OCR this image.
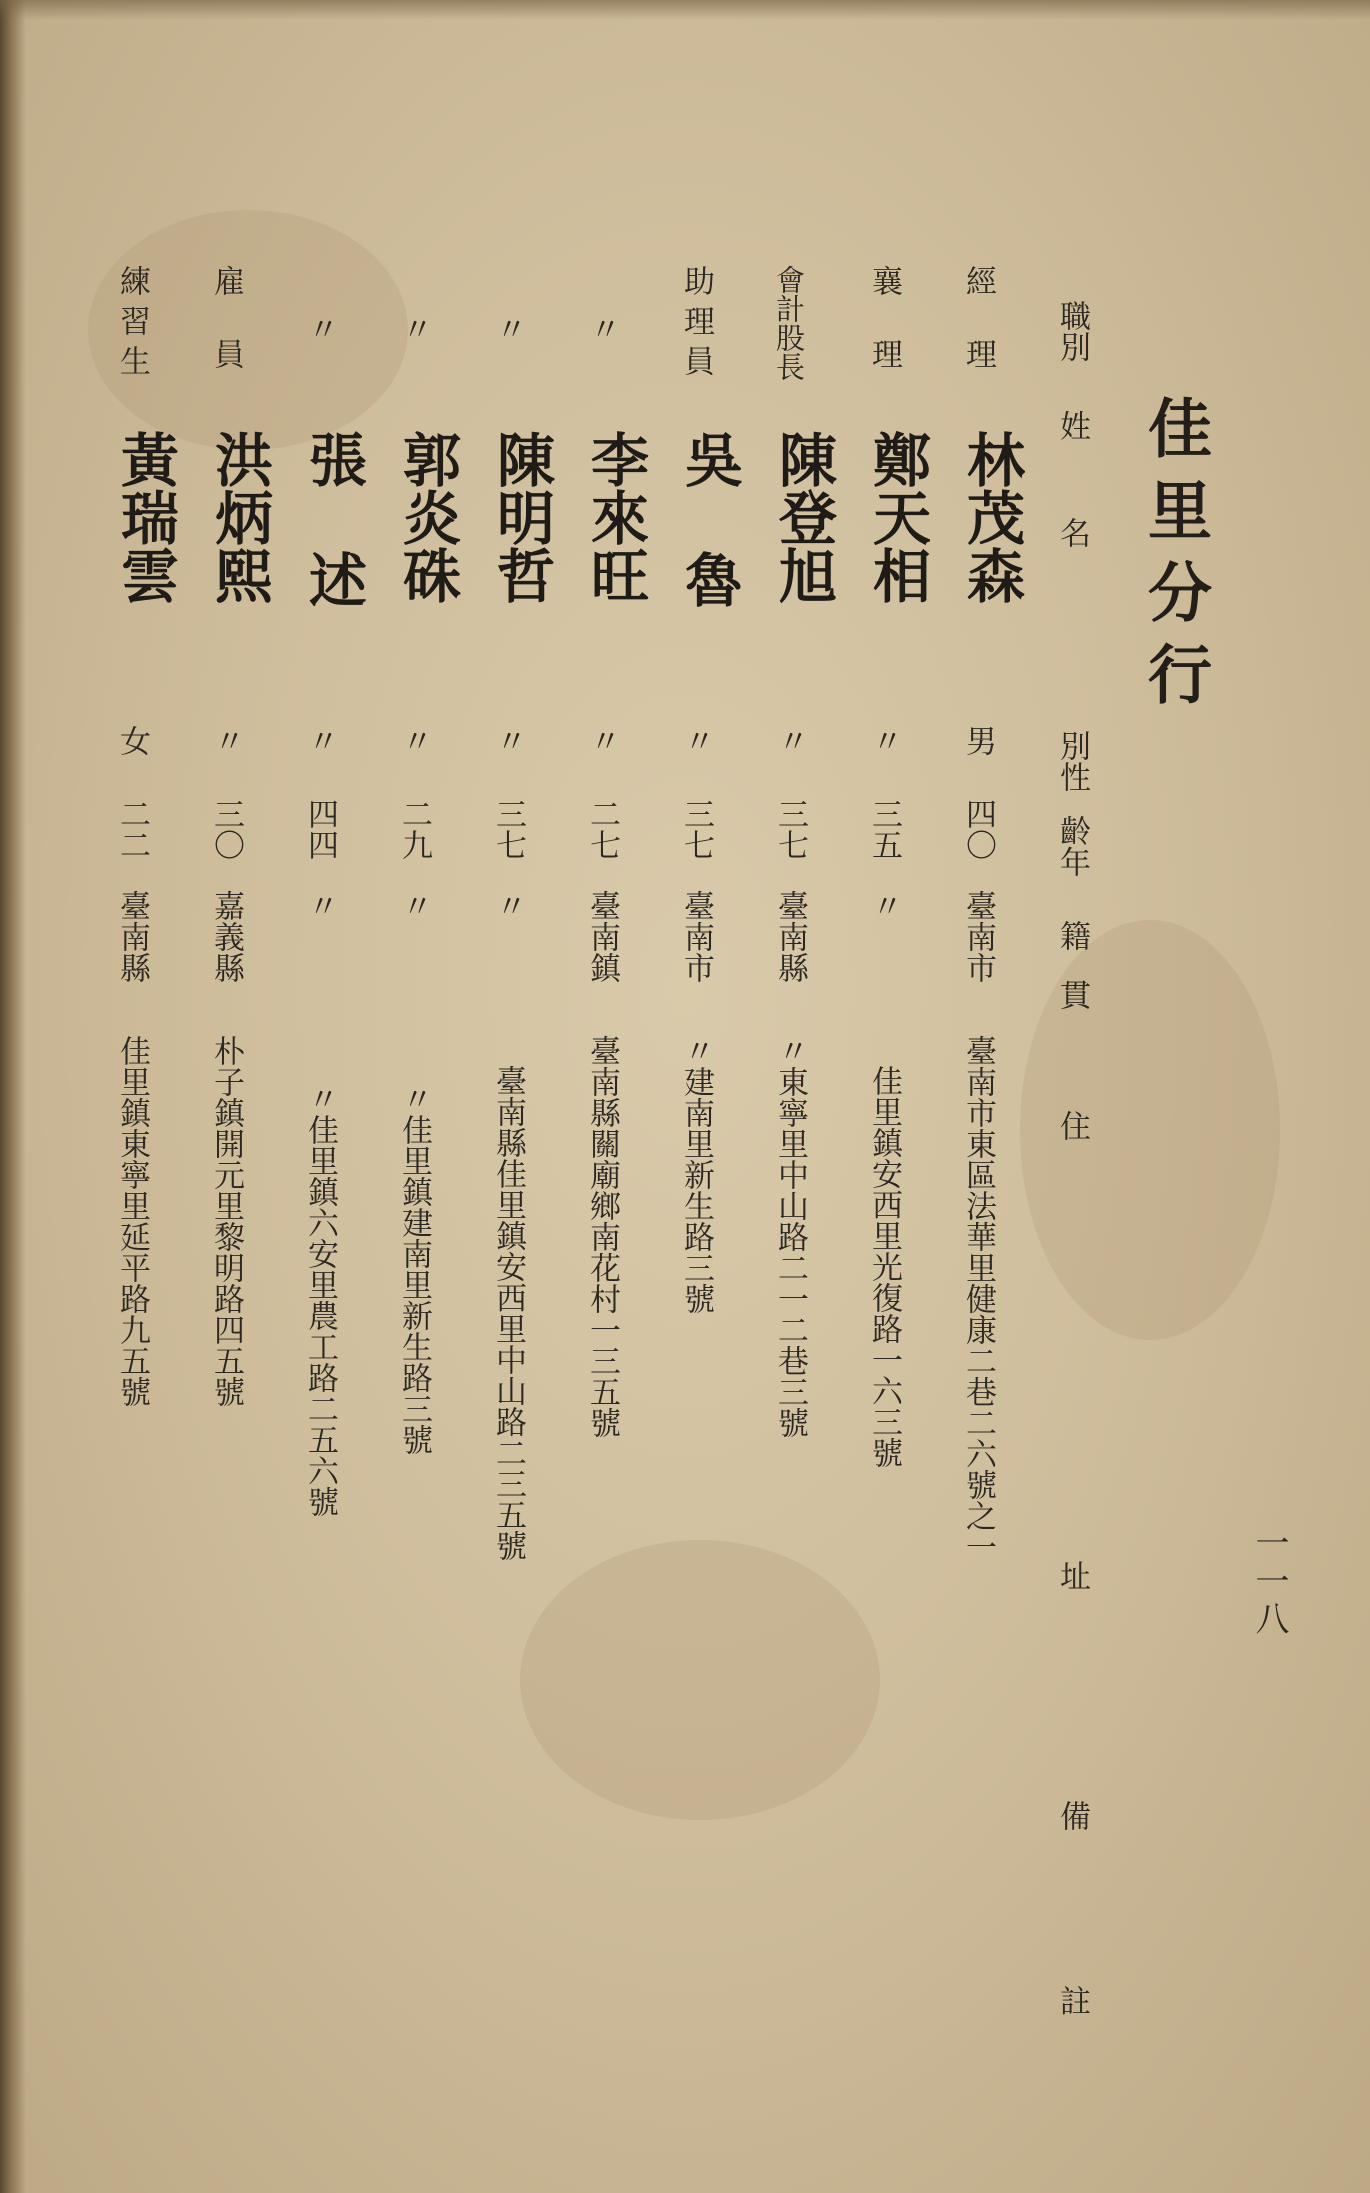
佳里分行
一一八
職別
姓名
別性
齡年
籍貫
住
址
備
註
經理
林茂森
男
四〇
臺南市
臺南市東區法華里健康二巷二六號之一
襄理
鄭天相
〃
三五
〃
佳里鎮安西里光復路一六三號
會計股長
陳登旭
〃
三七
臺南縣
〃東寧里中山路二一二巷三號
助理員
吳魯
〃
三七
臺南市
〃建南里新生路三號
〃
李來旺
〃
二七
臺南鎮
臺南縣關廟鄉南花村一三五號
〃
陳明哲
〃
三七
〃
臺南縣佳里鎮安西里中山路二三五號
〃
郭炎硃
〃
二九
〃
〃佳里鎮建南里新生路三號
〃
張述
〃
四四
〃
〃佳里鎮六安里農工路二五六號
雇員
洪炳熙
〃
三〇
嘉義縣
朴子鎮開元里黎明路四五號
練習生
黃瑞雲
女
二二
臺南縣
佳里鎮東寧里延平路九五號
